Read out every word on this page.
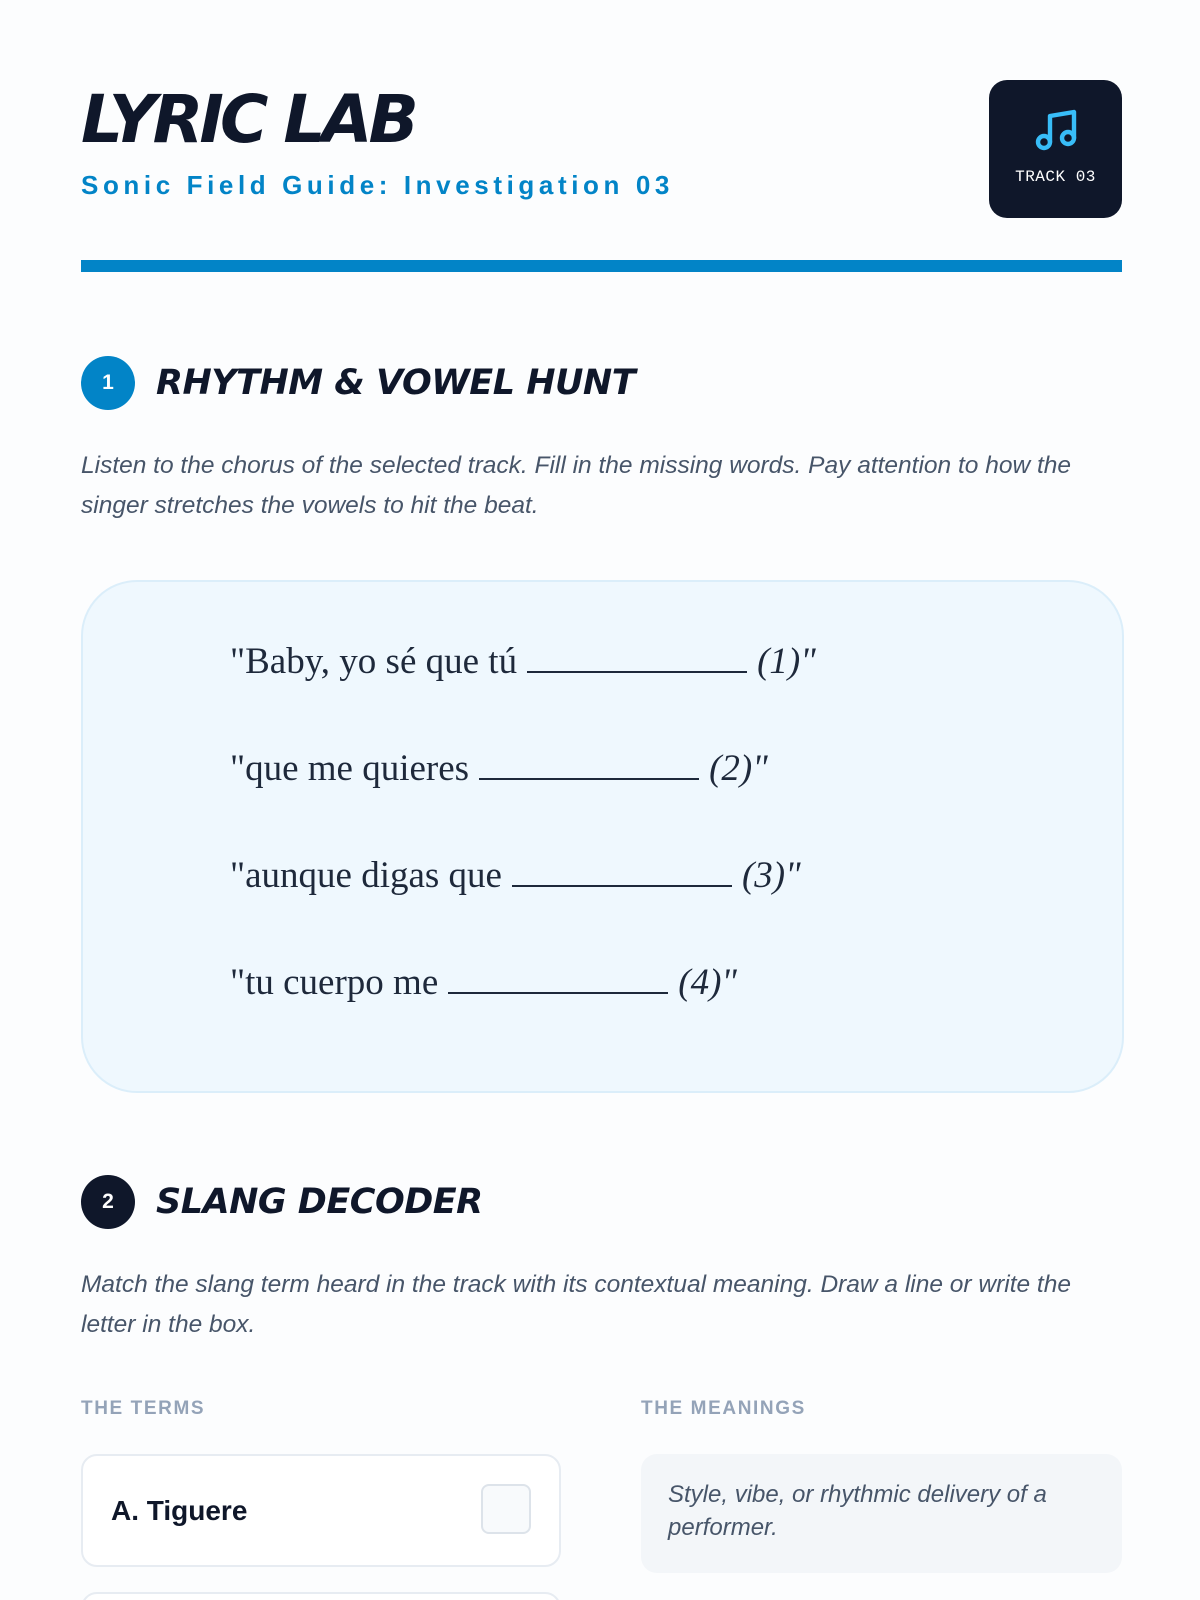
LYRIC LAB
Sonic Field Guide: Investigation 03	TRACK 03
1	RHYTHM & VOWEL HUNT

Listen to the chorus of the selected track. Fill in the missing words. Pay attention to how the singer stretches the vowels to hit the beat.

"Baby, yo sé que tú	(1)"
"que me quieres	(2)"
"aunque digas que	(3)"
"tu cuerpo me	(4)"
2	SLANG DECODER

Match the slang term heard in the track with its contextual meaning. Draw a line or write the letter in the box.

THE TERMS	THE MEANINGS
A. Tiguere
Style, vibe, or rhythmic delivery of a performer.
